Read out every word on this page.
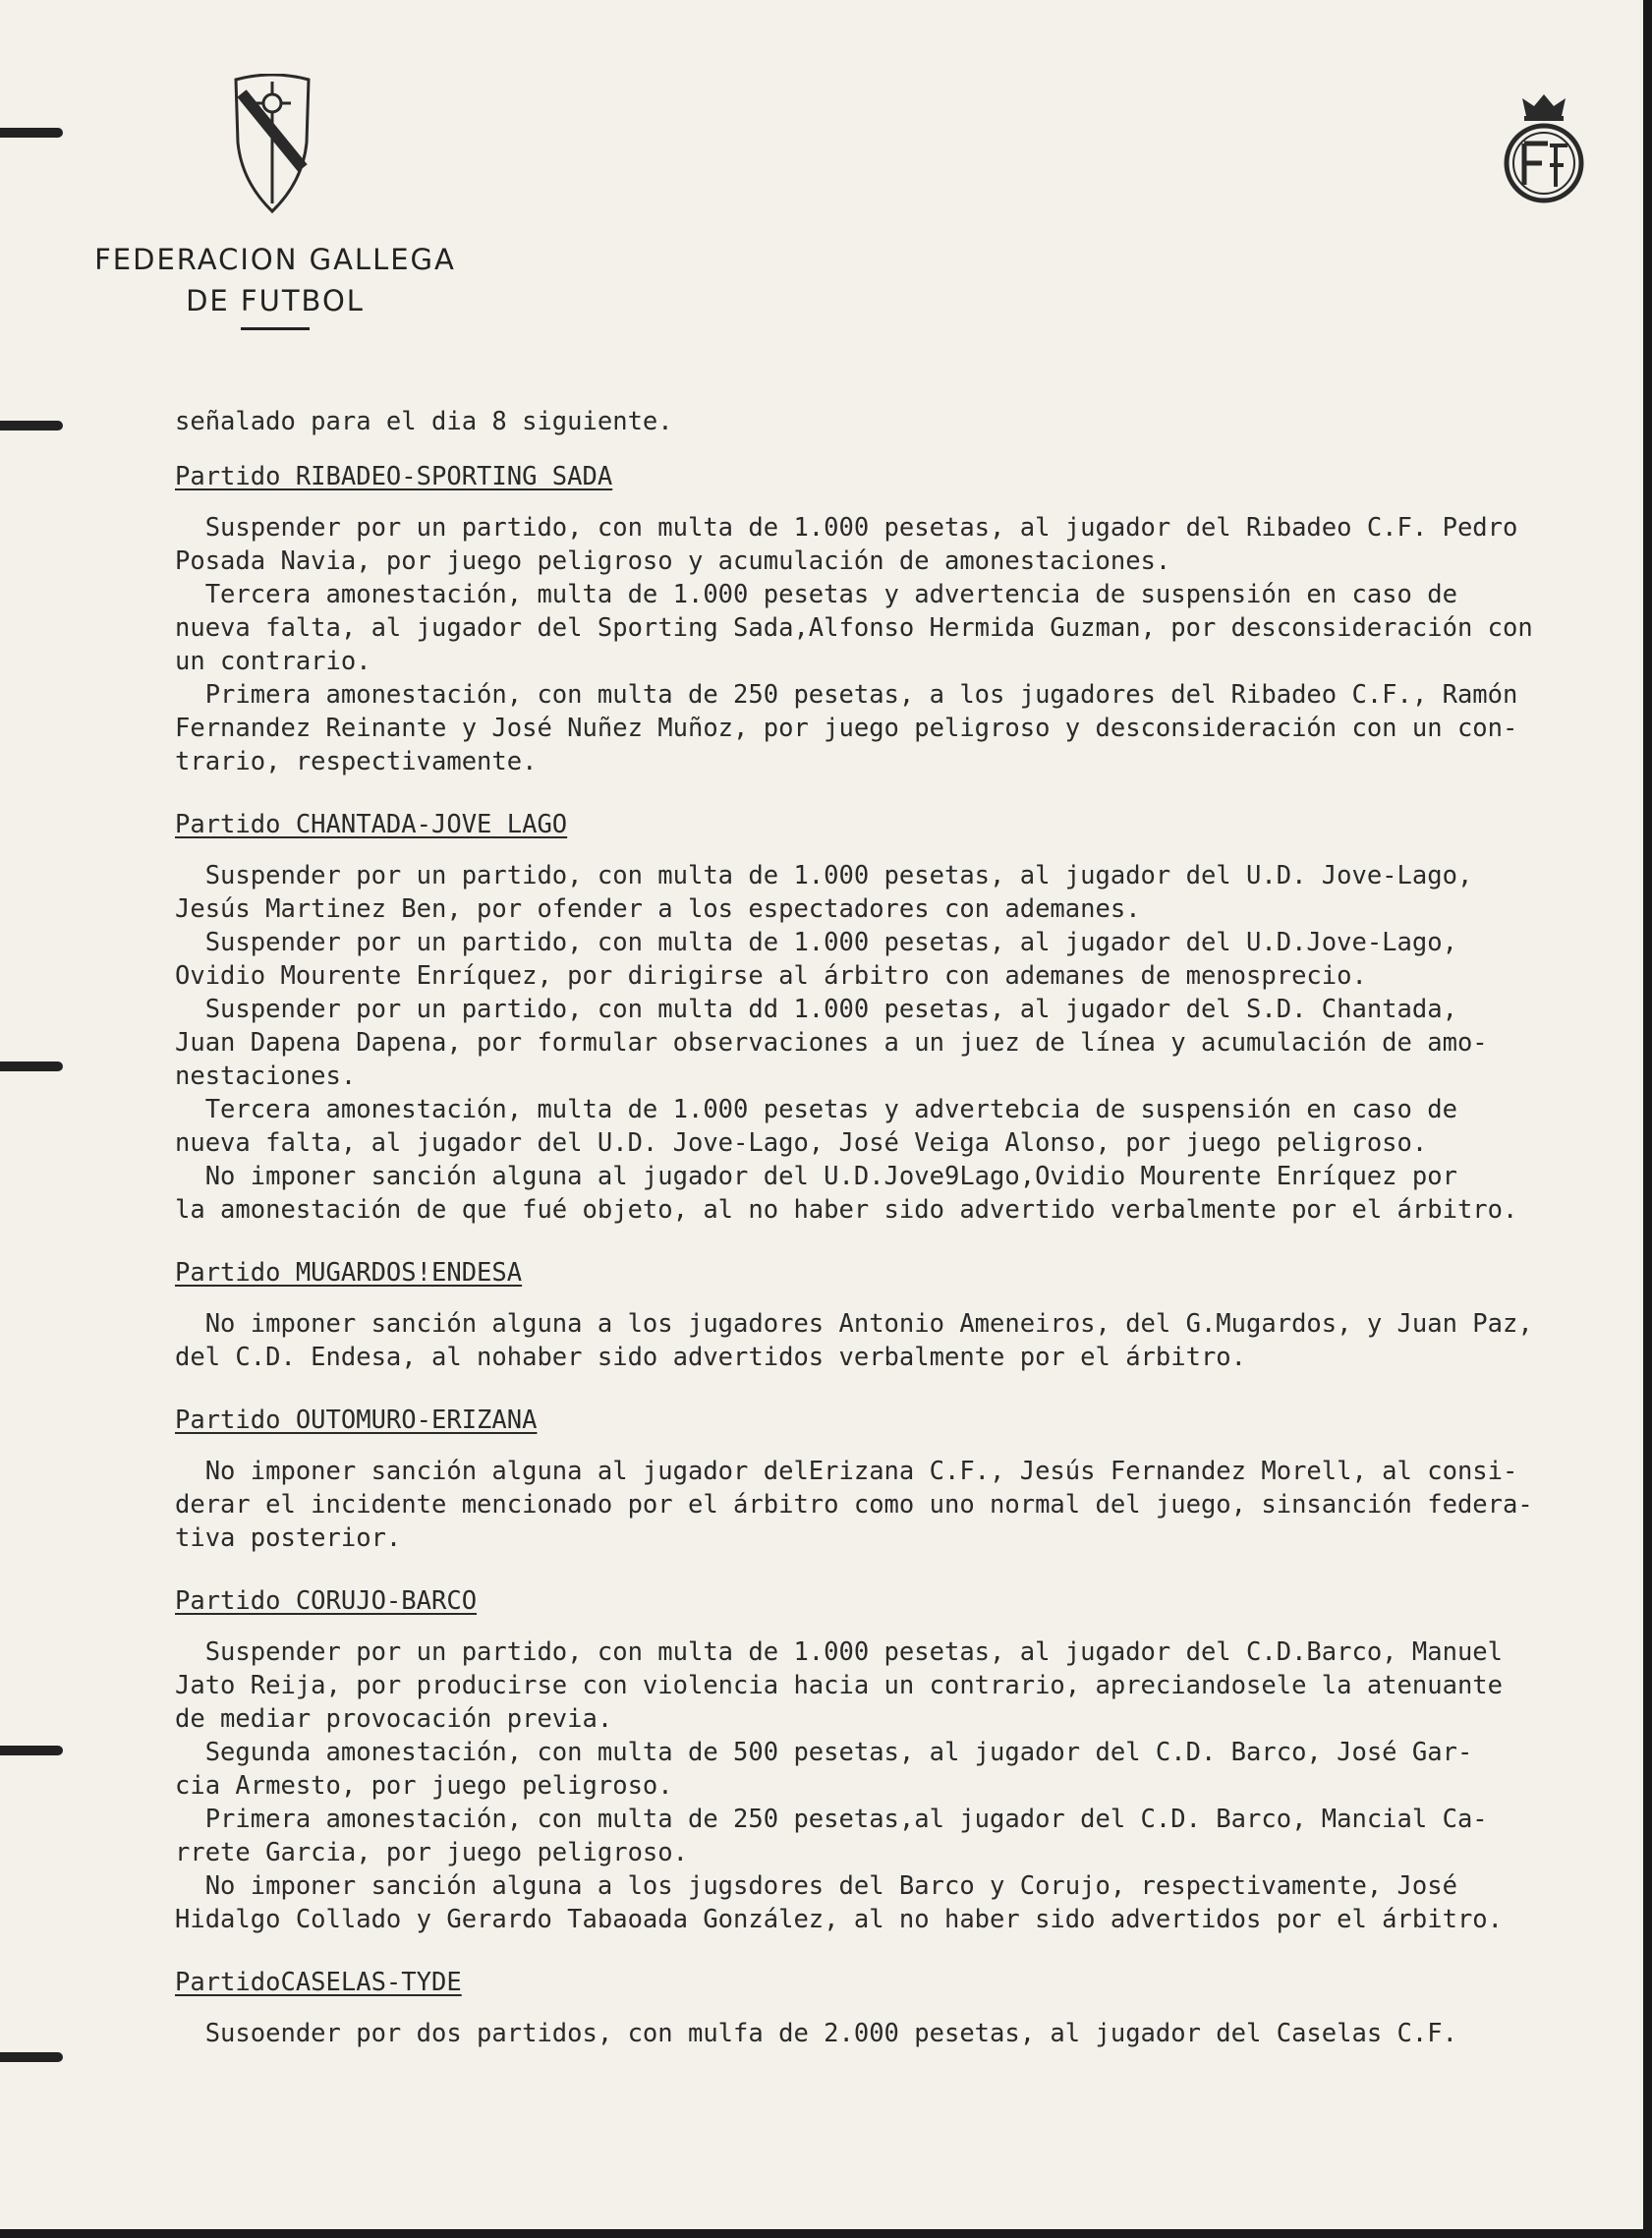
FEDERACION GALLEGA
DE FUTBOL

señalado para el dia 8 siguiente.

Partido RIBADEO-SPORTING SADA

Suspender por un partido, con multa de 1.000 pesetas, al jugador del Ribadeo C.F. Pedro

Posada Navia, por juego peligroso y acumulación de amonestaciones.

Tercera amonestación, multa de 1.000 pesetas y advertencia de suspensión en caso de

nueva falta, al jugador del Sporting Sada,Alfonso Hermida Guzman, por desconsideración con

un contrario.

Primera amonestación, con multa de 250 pesetas, a los jugadores del Ribadeo C.F., Ramón

Fernandez Reinante y José Nuñez Muñoz, por juego peligroso y desconsideración con un con-

trario, respectivamente.

Partido CHANTADA-JOVE LAGO

Suspender por un partido, con multa de 1.000 pesetas, al jugador del U.D. Jove-Lago,

Jesús Martinez Ben, por ofender a los espectadores con ademanes.

Suspender por un partido, con multa de 1.000 pesetas, al jugador del U.D.Jove-Lago,

Ovidio Mourente Enríquez, por dirigirse al árbitro con ademanes de menosprecio.

Suspender por un partido, con multa dd 1.000 pesetas, al jugador del S.D. Chantada,

Juan Dapena Dapena, por formular observaciones a un juez de línea y acumulación de amo-

nestaciones.

Tercera amonestación, multa de 1.000 pesetas y advertebcia de suspensión en caso de

nueva falta, al jugador del U.D. Jove-Lago, José Veiga Alonso, por juego peligroso.

No imponer sanción alguna al jugador del U.D.Jove9Lago,Ovidio Mourente Enríquez por

la amonestación de que fué objeto, al no haber sido advertido verbalmente por el árbitro.

Partido MUGARDOS!ENDESA

No imponer sanción alguna a los jugadores Antonio Ameneiros, del G.Mugardos, y Juan Paz,

del C.D. Endesa, al nohaber sido advertidos verbalmente por el árbitro.

Partido OUTOMURO-ERIZANA

No imponer sanción alguna al jugador delErizana C.F., Jesús Fernandez Morell, al consi-

derar el incidente mencionado por el árbitro como uno normal del juego, sinsanción federa-

tiva posterior.

Partido CORUJO-BARCO

Suspender por un partido, con multa de 1.000 pesetas, al jugador del C.D.Barco, Manuel

Jato Reija, por producirse con violencia hacia un contrario, apreciandosele la atenuante

de mediar provocación previa.

Segunda amonestación, con multa de 500 pesetas, al jugador del C.D. Barco, José Gar-

cia Armesto, por juego peligroso.

Primera amonestación, con multa de 250 pesetas,al jugador del C.D. Barco, Mancial Ca-

rrete Garcia, por juego peligroso.

No imponer sanción alguna a los jugsdores del Barco y Corujo, respectivamente, José

Hidalgo Collado y Gerardo Tabaoada González, al no haber sido advertidos por el árbitro.

PartidoCASELAS-TYDE

Susoender por dos partidos, con mulfa de 2.000 pesetas, al jugador del Caselas C.F.
